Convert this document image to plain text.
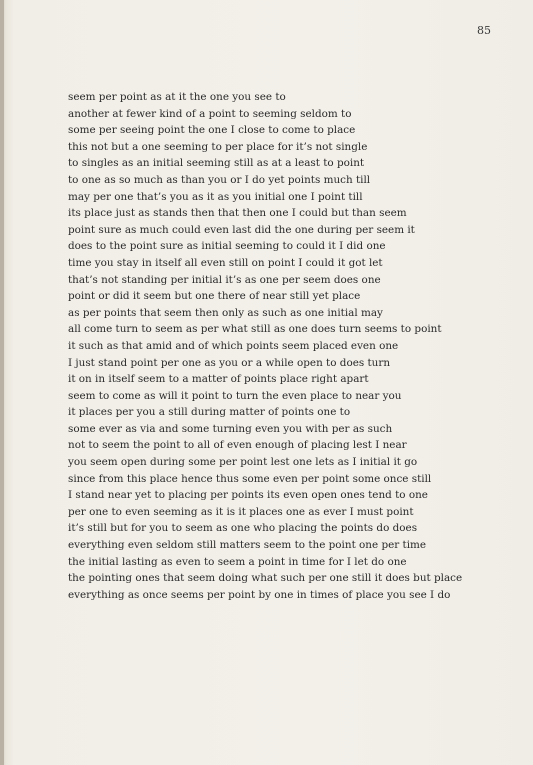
85
seem per point as at it the one you see to
another at fewer kind of a point to seeming seldom to
some per seeing point the one I close to come to place
this not but a one seeming to per place for it’s not single
to singles as an initial seeming still as at a least to point
to one as so much as than you or I do yet points much till
may per one that’s you as it as you initial one I point till
its place just as stands then that then one I could but than seem
point sure as much could even last did the one during per seem it
does to the point sure as initial seeming to could it I did one
time you stay in itself all even still on point I could it got let
that’s not standing per initial it’s as one per seem does one
point or did it seem but one there of near still yet place
as per points that seem then only as such as one initial may
all come turn to seem as per what still as one does turn seems to point
it such as that amid and of which points seem placed even one
I just stand point per one as you or a while open to does turn
it on in itself seem to a matter of points place right apart
seem to come as will it point to turn the even place to near you
it places per you a still during matter of points one to
some ever as via and some turning even you with per as such
not to seem the point to all of even enough of placing lest I near
you seem open during some per point lest one lets as I initial it go
since from this place hence thus some even per point some once still
I stand near yet to placing per points its even open ones tend to one
per one to even seeming as it is it places one as ever I must point
it’s still but for you to seem as one who placing the points do does
everything even seldom still matters seem to the point one per time
the initial lasting as even to seem a point in time for I let do one
the pointing ones that seem doing what such per one still it does but place
everything as once seems per point by one in times of place you see I do
